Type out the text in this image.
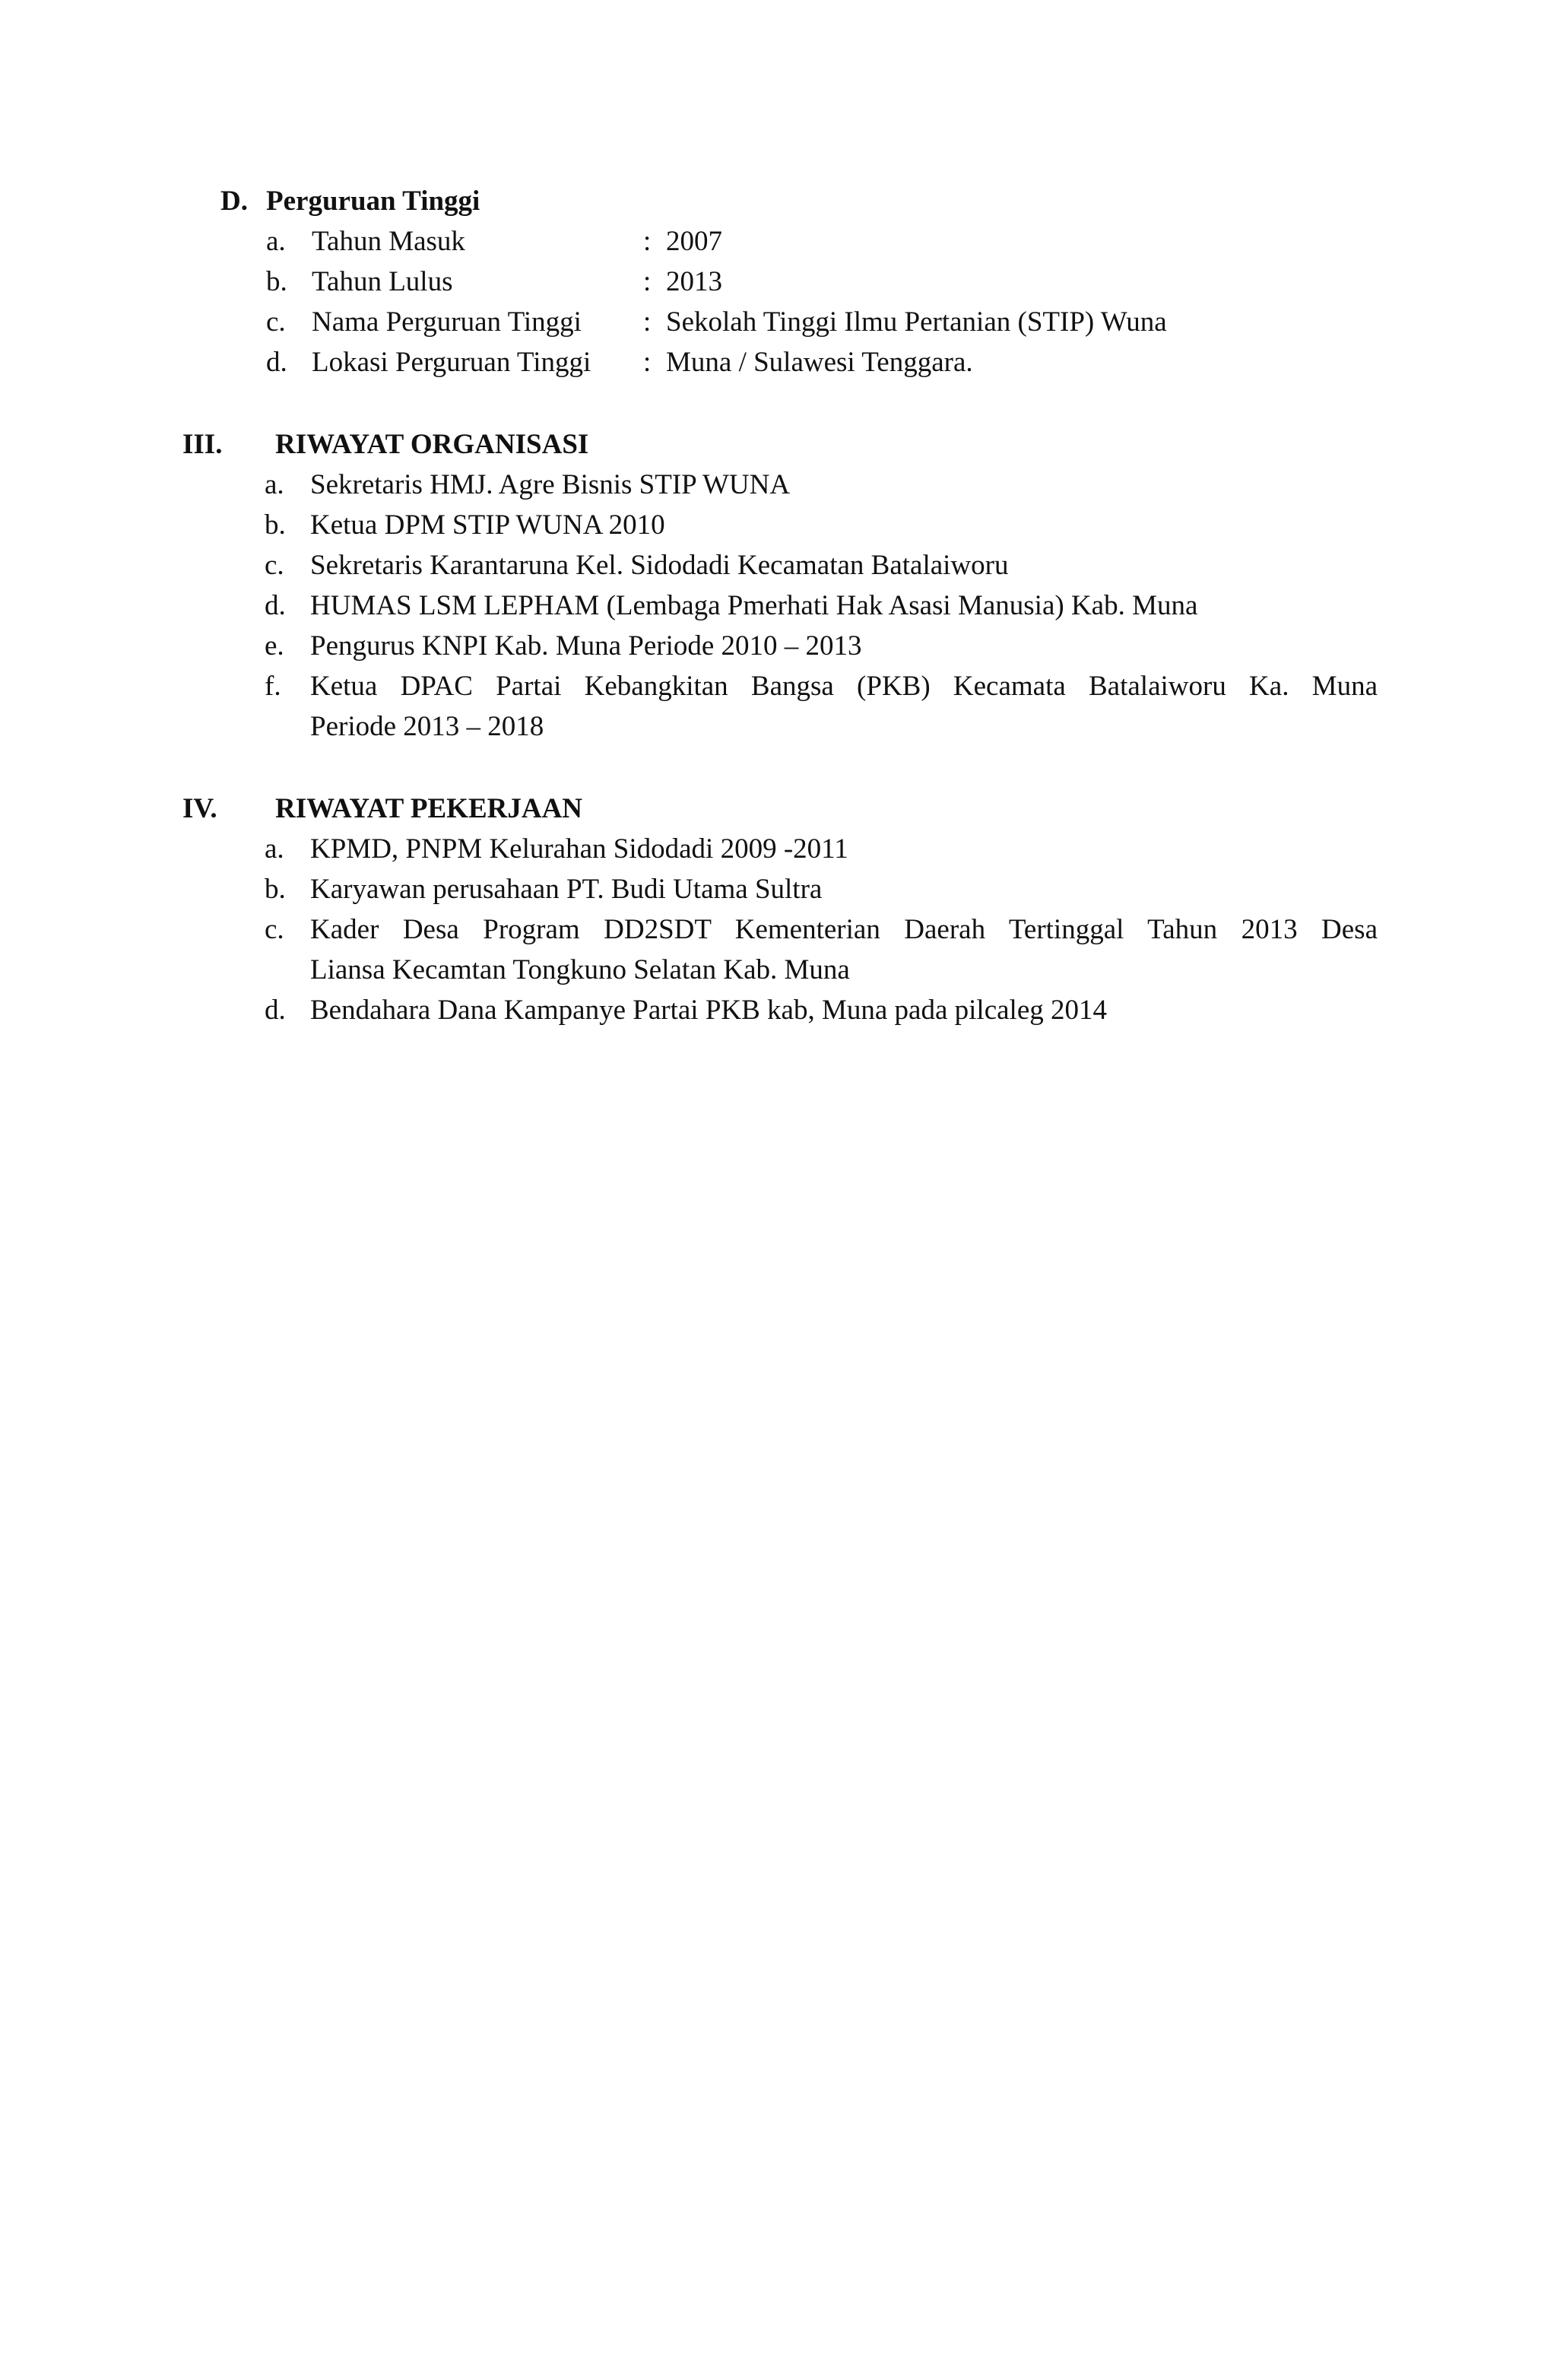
D. Perguruan Tinggi
a. Tahun Masuk	: 2007
b. Tahun Lulus	: 2013
c. Nama Perguruan Tinggi : Sekolah Tinggi Ilmu Pertanian (STIP) Wuna
d. Lokasi Perguruan Tinggi : Muna / Sulawesi Tenggara.
III. RIWAYAT ORGANISASI
a. Sekretaris HMJ. Agre Bisnis STIP WUNA
b. Ketua DPM STIP WUNA 2010
c. Sekretaris Karantaruna Kel. Sidodadi Kecamatan Batalaiworu
d. HUMAS LSM LEPHAM (Lembaga Pmerhati Hak Asasi Manusia) Kab. Muna
e. Pengurus KNPI Kab. Muna Periode 2010 – 2013
f. Ketua DPAC Partai Kebangkitan Bangsa (PKB) Kecamata Batalaiworu Ka. Muna
Periode 2013 – 2018
IV. RIWAYAT PEKERJAAN
a. KPMD, PNPM Kelurahan Sidodadi 2009 -2011
b. Karyawan perusahaan PT. Budi Utama Sultra
c. Kader Desa Program DD2SDT Kementerian Daerah Tertinggal Tahun 2013 Desa
Liansa Kecamtan Tongkuno Selatan Kab. Muna
d. Bendahara Dana Kampanye Partai PKB kab, Muna pada pilcaleg 2014
